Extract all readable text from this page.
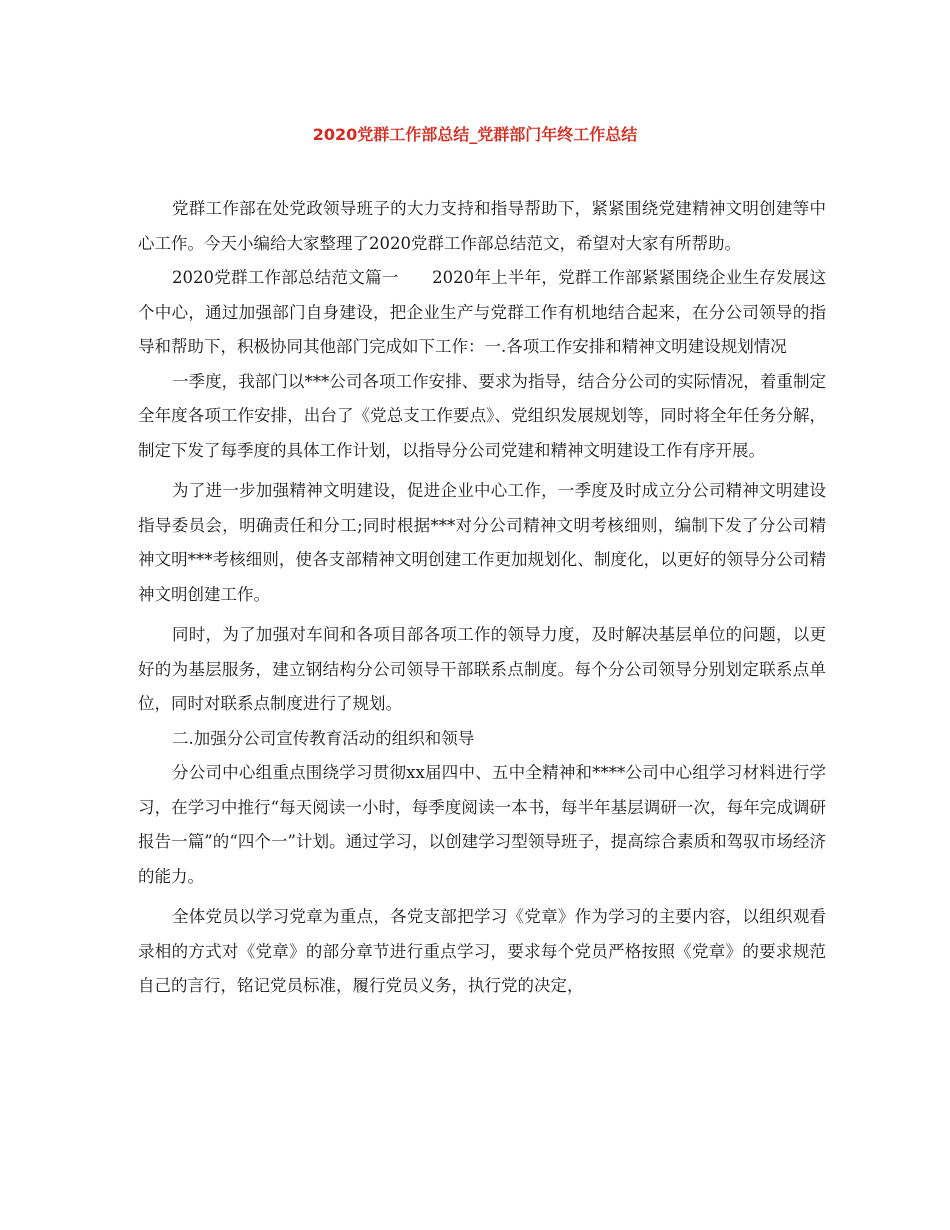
2020党群工作部总结_党群部门年终工作总结

党群工作部在处党政领导班子的大力支持和指导帮助下，紧紧围绕党建精神文明创建等中心工作。今天小编给大家整理了2020党群工作部总结范文，希望对大家有所帮助。

2020党群工作部总结范文篇一　　2020年上半年，党群工作部紧紧围绕企业生存发展这个中心，通过加强部门自身建设，把企业生产与党群工作有机地结合起来，在分公司领导的指导和帮助下，积极协同其他部门完成如下工作：一.各项工作安排和精神文明建设规划情况

一季度，我部门以***公司各项工作安排、要求为指导，结合分公司的实际情况，着重制定全年度各项工作安排，出台了《党总支工作要点》、党组织发展规划等，同时将全年任务分解，制定下发了每季度的具体工作计划，以指导分公司党建和精神文明建设工作有序开展。

为了进一步加强精神文明建设，促进企业中心工作，一季度及时成立分公司精神文明建设指导委员会，明确责任和分工;同时根据***对分公司精神文明考核细则，编制下发了分公司精神文明***考核细则，使各支部精神文明创建工作更加规划化、制度化，以更好的领导分公司精神文明创建工作。

同时，为了加强对车间和各项目部各项工作的领导力度，及时解决基层单位的问题，以更好的为基层服务，建立钢结构分公司领导干部联系点制度。每个分公司领导分别划定联系点单位，同时对联系点制度进行了规划。

二.加强分公司宣传教育活动的组织和领导

分公司中心组重点围绕学习贯彻xx届四中、五中全精神和****公司中心组学习材料进行学习，在学习中推行“每天阅读一小时，每季度阅读一本书，每半年基层调研一次，每年完成调研报告一篇”的“四个一”计划。通过学习，以创建学习型领导班子，提高综合素质和驾驭市场经济的能力。

全体党员以学习党章为重点，各党支部把学习《党章》作为学习的主要内容，以组织观看录相的方式对《党章》的部分章节进行重点学习，要求每个党员严格按照《党章》的要求规范自己的言行，铭记党员标准，履行党员义务，执行党的决定，
